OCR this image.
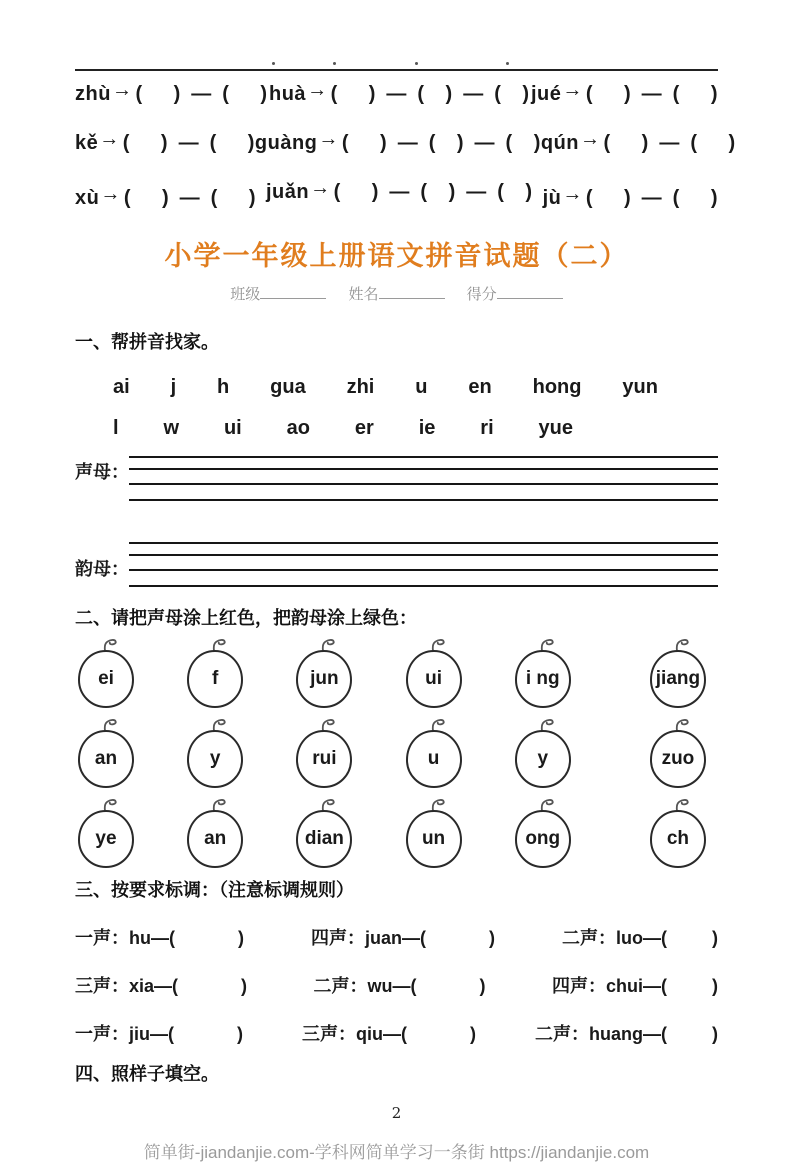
zhù→ (  ) — (  ) huà→ (  ) — (  ) — (  ) jué→ (  ) — (  )
kě→ (  ) — (  ) guàng→ (  ) — (  ) — (  ) qún→ (  ) — (  )
xù→ (  ) — (　 ) juǎn→ (  ) — (  ) — (  ) jù→ (  ) — (　 )
小学一年级上册语文拼音试题（二）
班级	姓名	得分
一、帮拼音找家。
ai j h gua zhi u en hong yun
l w ui ao er ie ri yue
声母：
韵母：
二、请把声母涂上红色，把韵母涂上绿色：
ei	f	jun	ui	i ng	jiang
an	y	rui	u	y	zuo
ye	an	dian	un	ong	ch
三、按要求标调：（注意标调规则）
一声：hu—(    )	四声：juan—(    )	二声：luo—(   )
三声：xia—(    )	二声：wu—(    )	四声：chui—(   )
一声：jiu—(    )	三声：qiu—(    )	二声：huang—(   )
四、照样子填空。
2
简单街-jiandanjie.com-学科网简单学习一条街 https://jiandanjie.com
